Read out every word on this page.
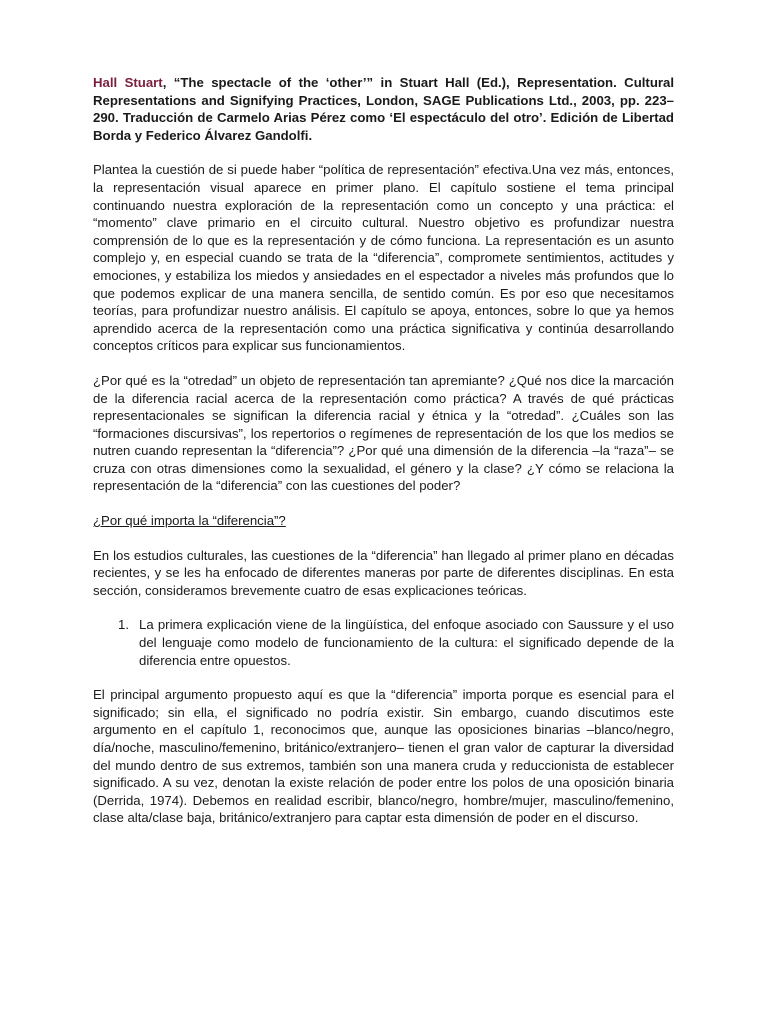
Hall Stuart, “The spectacle of the ‘other’” in Stuart Hall (Ed.), Representation. Cultural Representations and Signifying Practices, London, SAGE Publications Ltd., 2003, pp. 223–290. Traducción de Carmelo Arias Pérez como ‘El espectáculo del otro’. Edición de Libertad Borda y Federico Álvarez Gandolfi.

Plantea la cuestión de si puede haber “política de representación” efectiva.Una vez más, entonces, la representación visual aparece en primer plano. El capítulo sostiene el tema principal continuando nuestra exploración de la representación como un concepto y una práctica: el “momento” clave primario en el circuito cultural. Nuestro objetivo es profundizar nuestra comprensión de lo que es la representación y de cómo funciona. La representación es un asunto complejo y, en especial cuando se trata de la “diferencia”, compromete sentimientos, actitudes y emociones, y estabiliza los miedos y ansiedades en el espectador a niveles más profundos que lo que podemos explicar de una manera sencilla, de sentido común. Es por eso que necesitamos teorías, para profundizar nuestro análisis. El capítulo se apoya, entonces, sobre lo que ya hemos aprendido acerca de la representación como una práctica significativa y continúa desarrollando conceptos críticos para explicar sus funcionamientos.

¿Por qué es la “otredad” un objeto de representación tan apremiante? ¿Qué nos dice la marcación de la diferencia racial acerca de la representación como práctica? A través de qué prácticas representacionales se significan la diferencia racial y étnica y la “otredad”. ¿Cuáles son las “formaciones discursivas”, los repertorios o regímenes de representación de los que los medios se nutren cuando representan la “diferencia”? ¿Por qué una dimensión de la diferencia –la “raza”– se cruza con otras dimensiones como la sexualidad, el género y la clase? ¿Y cómo se relaciona la representación de la “diferencia” con las cuestiones del poder?

¿Por qué importa la “diferencia”?

En los estudios culturales, las cuestiones de la “diferencia” han llegado al primer plano en décadas recientes, y se les ha enfocado de diferentes maneras por parte de diferentes disciplinas. En esta sección, consideramos brevemente cuatro de esas explicaciones teóricas.

1. La primera explicación viene de la lingüística, del enfoque asociado con Saussure y el uso del lenguaje como modelo de funcionamiento de la cultura: el significado depende de la diferencia entre opuestos.

El principal argumento propuesto aquí es que la “diferencia” importa porque es esencial para el significado; sin ella, el significado no podría existir. Sin embargo, cuando discutimos este argumento en el capítulo 1, reconocimos que, aunque las oposiciones binarias –blanco/negro, día/noche, masculino/femenino, británico/extranjero– tienen el gran valor de capturar la diversidad del mundo dentro de sus extremos, también son una manera cruda y reduccionista de establecer significado. A su vez, denotan la existe relación de poder entre los polos de una oposición binaria (Derrida, 1974). Debemos en realidad escribir, blanco/negro, hombre/mujer, masculino/femenino, clase alta/clase baja, británico/extranjero para captar esta dimensión de poder en el discurso.
